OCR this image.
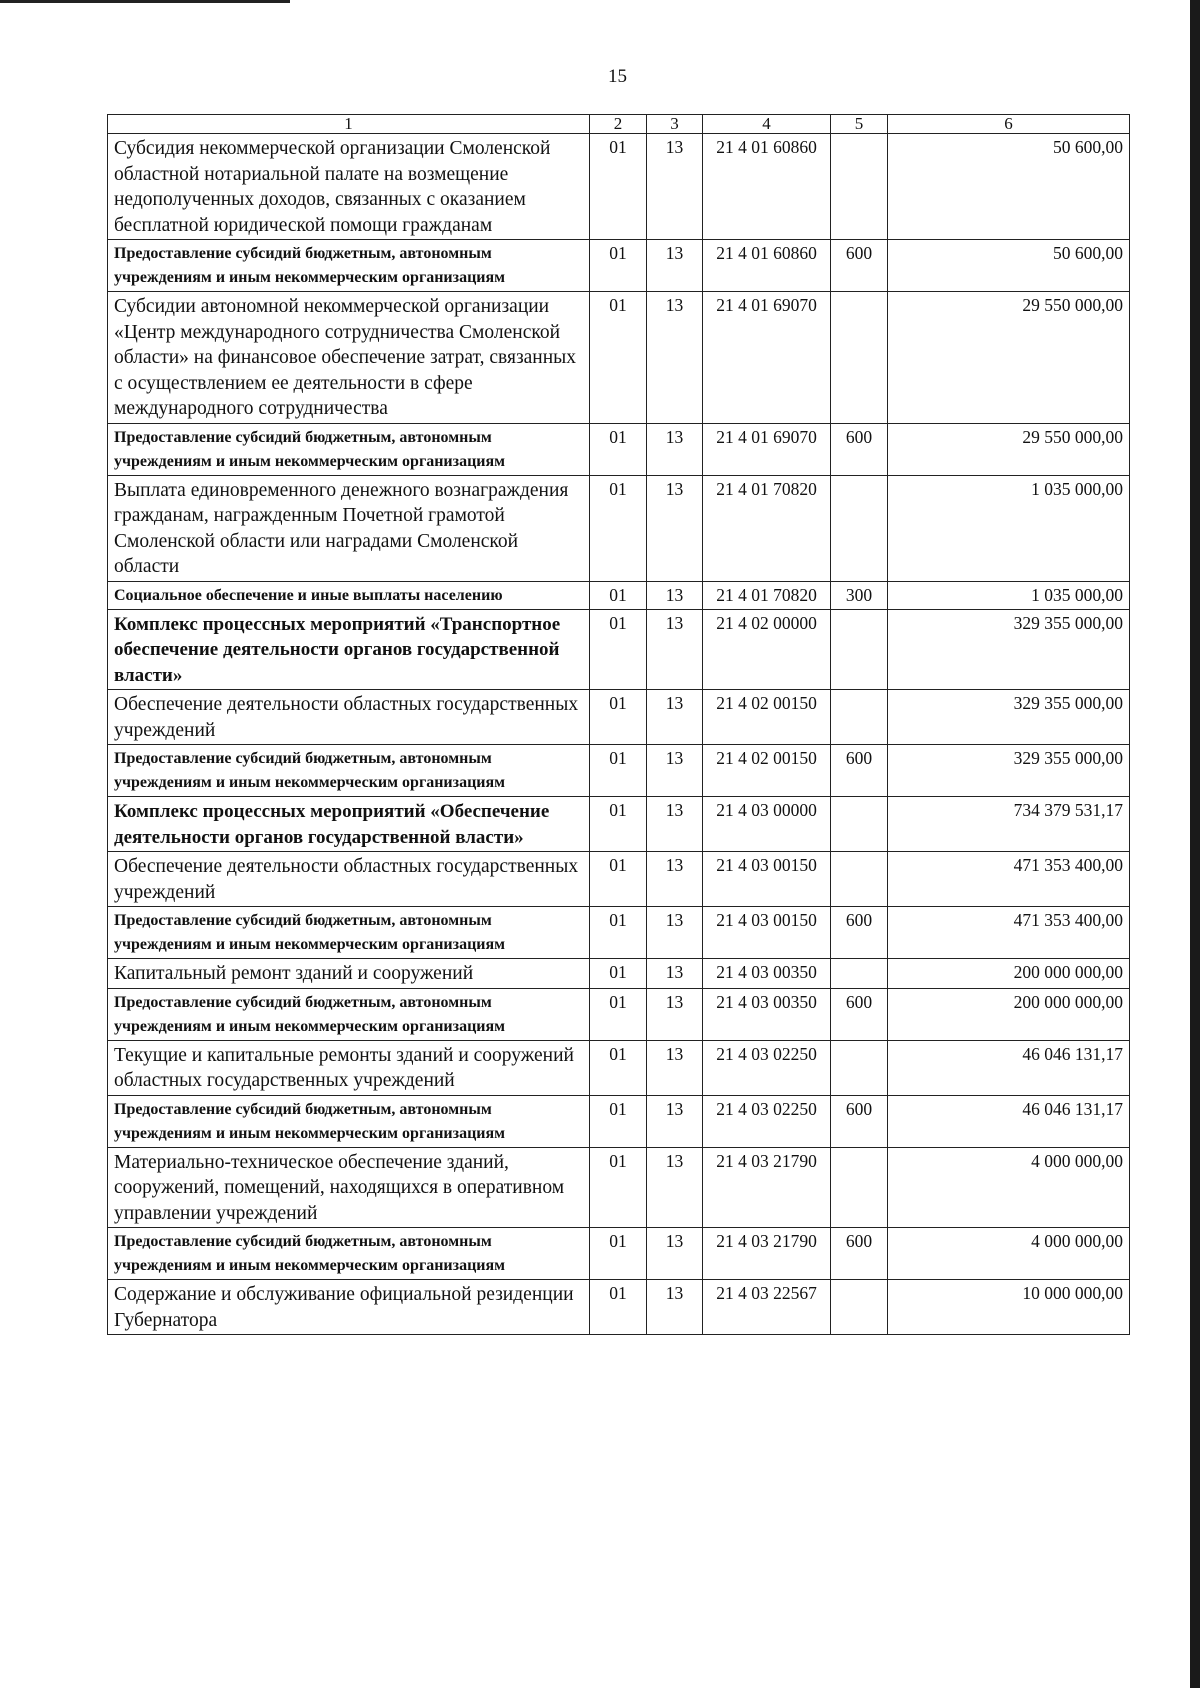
15
1	2	3	4	5	6
Субсидия некоммерческой организации Смоленской областной нотариальной палате на возмещение недополученных доходов, связанных с оказанием бесплатной юридической помощи гражданам	01	13	21 4 01 60860		50 600,00
Предоставление субсидий бюджетным, автономным учреждениям и иным некоммерческим организациям	01	13	21 4 01 60860	600	50 600,00
Субсидии автономной некоммерческой организации «Центр международного сотрудничества Смоленской области» на финансовое обеспечение затрат, связанных с осуществлением ее деятельности в сфере международного сотрудничества	01	13	21 4 01 69070		29 550 000,00
Предоставление субсидий бюджетным, автономным учреждениям и иным некоммерческим организациям	01	13	21 4 01 69070	600	29 550 000,00
Выплата единовременного денежного вознаграждения гражданам, награжденным Почетной грамотой Смоленской области или наградами Смоленской области	01	13	21 4 01 70820		1 035 000,00
Социальное обеспечение и иные выплаты населению	01	13	21 4 01 70820	300	1 035 000,00
Комплекс процессных мероприятий «Транспортное обеспечение деятельности органов государственной власти»	01	13	21 4 02 00000		329 355 000,00
Обеспечение деятельности областных государственных учреждений	01	13	21 4 02 00150		329 355 000,00
Предоставление субсидий бюджетным, автономным учреждениям и иным некоммерческим организациям	01	13	21 4 02 00150	600	329 355 000,00
Комплекс процессных мероприятий «Обеспечение деятельности органов государственной власти»	01	13	21 4 03 00000		734 379 531,17
Обеспечение деятельности областных государственных учреждений	01	13	21 4 03 00150		471 353 400,00
Предоставление субсидий бюджетным, автономным учреждениям и иным некоммерческим организациям	01	13	21 4 03 00150	600	471 353 400,00
Капитальный ремонт зданий и сооружений	01	13	21 4 03 00350		200 000 000,00
Предоставление субсидий бюджетным, автономным учреждениям и иным некоммерческим организациям	01	13	21 4 03 00350	600	200 000 000,00
Текущие и капитальные ремонты зданий и сооружений областных государственных учреждений	01	13	21 4 03 02250		46 046 131,17
Предоставление субсидий бюджетным, автономным учреждениям и иным некоммерческим организациям	01	13	21 4 03 02250	600	46 046 131,17
Материально-техническое обеспечение зданий, сооружений, помещений, находящихся в оперативном управлении учреждений	01	13	21 4 03 21790		4 000 000,00
Предоставление субсидий бюджетным, автономным учреждениям и иным некоммерческим организациям	01	13	21 4 03 21790	600	4 000 000,00
Содержание и обслуживание официальной резиденции Губернатора	01	13	21 4 03 22567		10 000 000,00
